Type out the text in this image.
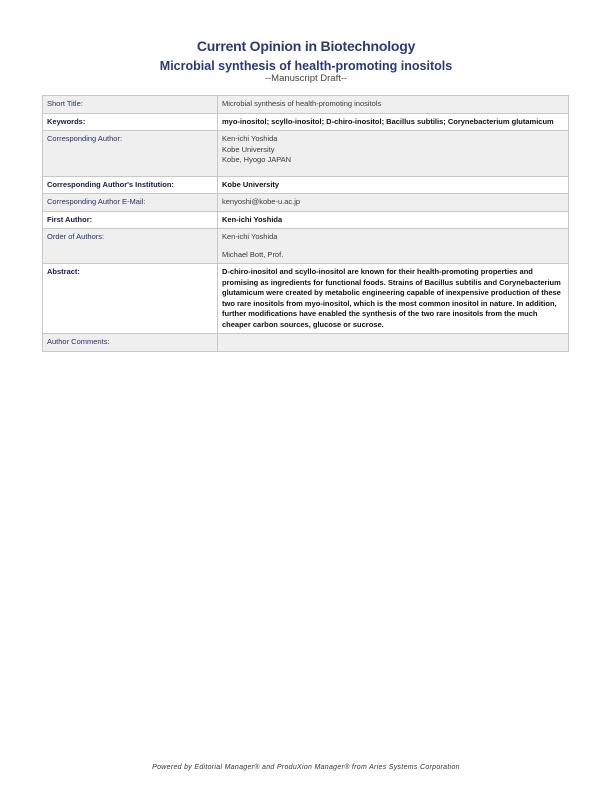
Current Opinion in Biotechnology
Microbial synthesis of health-promoting inositols
--Manuscript Draft--
Short Title:	Microbial synthesis of health-promoting inositols
Keywords:	myo-inositol; scyllo-inositol; D-chiro-inositol; Bacillus subtilis; Corynebacterium glutamicum
Corresponding Author:	Ken-ichi Yoshida
Kobe University
Kobe, Hyogo JAPAN

Corresponding Author's Institution:	Kobe University
Corresponding Author E-Mail:	kenyoshi@kobe-u.ac.jp
First Author:	Ken-ichi Yoshida
Order of Authors:	Ken-ichi Yoshida
Michael Bott, Prof.

Abstract:	D-chiro-inositol and scyllo-inositol are known for their health-promoting properties and promising as ingredients for functional foods. Strains of Bacillus subtilis and Corynebacterium glutamicum were created by metabolic engineering capable of inexpensive production of these two rare inositols from myo-inositol, which is the most common inositol in nature. In addition, further modifications have enabled the synthesis of the two rare inositols from the much cheaper carbon sources, glucose or sucrose.
Author Comments:	
Powered by Editorial Manager® and ProduXion Manager® from Aries Systems Corporation
